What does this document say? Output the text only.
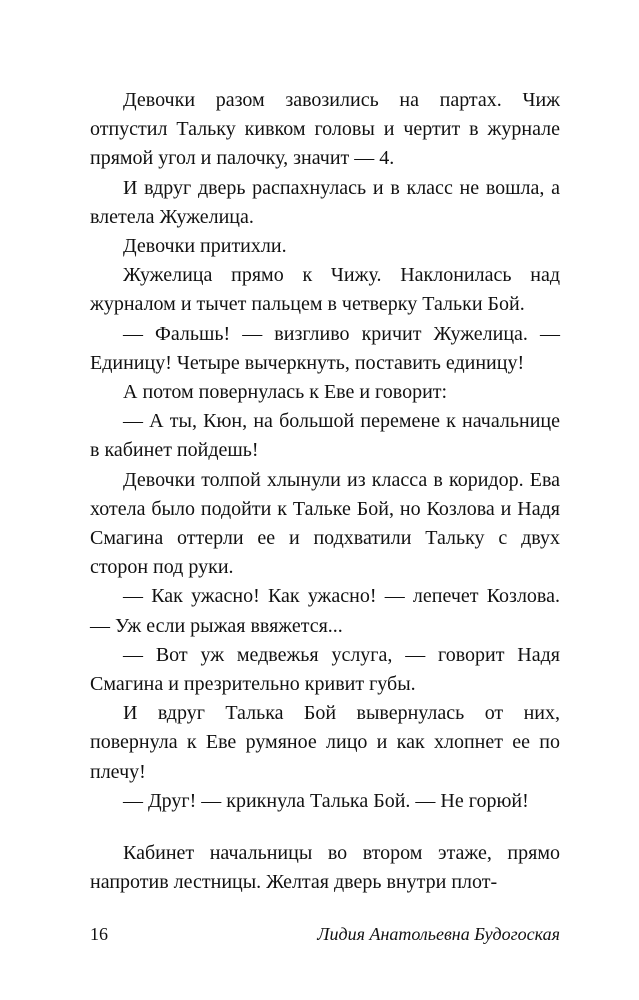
Девочки разом завозились на партах. Чиж отпустил Тальку кивком головы и чертит в журнале прямой угол и палочку, значит — 4.

И вдруг дверь распахнулась и в класс не вошла, а влетела Жужелица.

Девочки притихли.

Жужелица прямо к Чижу. Наклонилась над журналом и тычет пальцем в четверку Тальки Бой.

— Фальшь! — визгливо кричит Жужелица. — Единицу! Четыре вычеркнуть, поставить единицу!

А потом повернулась к Еве и говорит:

— А ты, Кюн, на большой перемене к начальнице в кабинет пойдешь!

Девочки толпой хлынули из класса в коридор. Ева хотела было подойти к Тальке Бой, но Козлова и Надя Смагина оттерли ее и подхватили Тальку с двух сторон под руки.

— Как ужасно! Как ужасно! — лепечет Козлова. — Уж если рыжая ввяжется...

— Вот уж медвежья услуга, — говорит Надя Смагина и презрительно кривит губы.

И вдруг Талька Бой вывернулась от них, повернула к Еве румяное лицо и как хлопнет ее по плечу!

— Друг! — крикнула Талька Бой. — Не горюй!

Кабинет начальницы во втором этаже, прямо напротив лестницы. Желтая дверь внутри плот-

16	Лидия Анатольевна Будогоская
